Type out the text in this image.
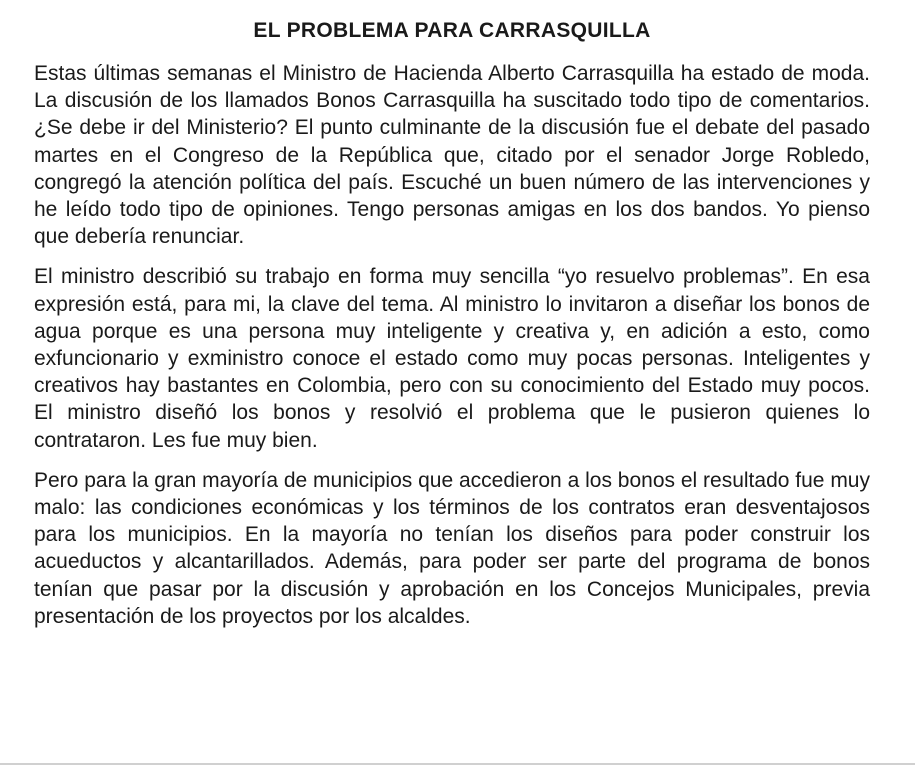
EL PROBLEMA PARA CARRASQUILLA

Estas últimas semanas el Ministro de Hacienda Alberto Carrasquilla ha estado de moda. La discusión de los llamados Bonos Carrasquilla ha suscitado todo tipo de comentarios. ¿Se debe ir del Ministerio? El punto culminante de la discusión fue el debate del pasado martes en el Congreso de la República que, citado por el senador Jorge Robledo, congregó la atención política del país. Escuché un buen número de las intervenciones y he leído todo tipo de opiniones. Tengo personas amigas en los dos bandos. Yo pienso que debería renunciar.

El ministro describió su trabajo en forma muy sencilla “yo resuelvo problemas”. En esa expresión está, para mi, la clave del tema. Al ministro lo invitaron a diseñar los bonos de agua porque es una persona muy inteligente y creativa y, en adición a esto, como exfuncionario y exministro conoce el estado como muy pocas personas. Inteligentes y creativos hay bastantes en Colombia, pero con su conocimiento del Estado muy pocos. El ministro diseñó los bonos y resolvió el problema que le pusieron quienes lo contrataron. Les fue muy bien.

Pero para la gran mayoría de municipios que accedieron a los bonos el resultado fue muy malo: las condiciones económicas y los términos de los contratos eran desventajosos para los municipios. En la mayoría no tenían los diseños para poder construir los acueductos y alcantarillados. Además, para poder ser parte del programa de bonos tenían que pasar por la discusión y aprobación en los Concejos Municipales, previa presentación de los proyectos por los alcaldes.
